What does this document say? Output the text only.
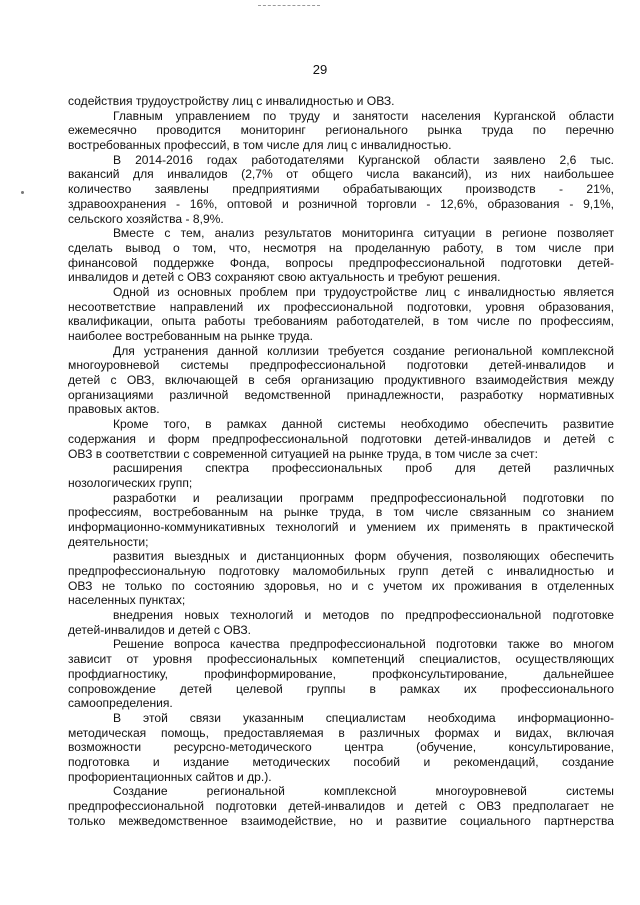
29
содействия трудоустройству лиц с инвалидностью и ОВЗ.
Главным управлением по труду и занятости населения Курганской области
ежемесячно проводится мониторинг регионального рынка труда по перечню
востребованных профессий, в том числе для лиц с инвалидностью.
В 2014-2016 годах работодателями Курганской области заявлено 2,6 тыс.
вакансий для инвалидов (2,7% от общего числа вакансий), из них наибольшее
количество заявлены предприятиями обрабатывающих производств - 21%,
здравоохранения - 16%, оптовой и розничной торговли - 12,6%, образования - 9,1%,
сельского хозяйства - 8,9%.
Вместе с тем, анализ результатов мониторинга ситуации в регионе позволяет
сделать вывод о том, что, несмотря на проделанную работу, в том числе при
финансовой поддержке Фонда, вопросы предпрофессиональной подготовки детей-
инвалидов и детей с ОВЗ сохраняют свою актуальность и требуют решения.
Одной из основных проблем при трудоустройстве лиц с инвалидностью является
несоответствие направлений их профессиональной подготовки, уровня образования,
квалификации, опыта работы требованиям работодателей, в том числе по профессиям,
наиболее востребованным на рынке труда.
Для устранения данной коллизии требуется создание региональной комплексной
многоуровневой системы предпрофессиональной подготовки детей-инвалидов и
детей с ОВЗ, включающей в себя организацию продуктивного взаимодействия между
организациями различной ведомственной принадлежности, разработку нормативных
правовых актов.
Кроме того, в рамках данной системы необходимо обеспечить развитие
содержания и форм предпрофессиональной подготовки детей-инвалидов и детей с
ОВЗ в соответствии с современной ситуацией на рынке труда, в том числе за счет:
расширения спектра профессиональных проб для детей различных
нозологических групп;
разработки и реализации программ предпрофессиональной подготовки по
профессиям, востребованным на рынке труда, в том числе связанным со знанием
информационно-коммуникативных технологий и умением их применять в практической
деятельности;
развития выездных и дистанционных форм обучения, позволяющих обеспечить
предпрофессиональную подготовку маломобильных групп детей с инвалидностью и
ОВЗ не только по состоянию здоровья, но и с учетом их проживания в отделенных
населенных пунктах;
внедрения новых технологий и методов по предпрофессиональной подготовке
детей-инвалидов и детей с ОВЗ.
Решение вопроса качества предпрофессиональной подготовки также во многом
зависит от уровня профессиональных компетенций специалистов, осуществляющих
профдиагностику, профинформирование, профконсультирование, дальнейшее
сопровождение детей целевой группы в рамках их профессионального
самоопределения.
В этой связи указанным специалистам необходима информационно-
методическая помощь, предоставляемая в различных формах и видах, включая
возможности ресурсно-методического центра (обучение, консультирование,
подготовка и издание методических пособий и рекомендаций, создание
профориентационных сайтов и др.).
Создание региональной комплексной многоуровневой системы
предпрофессиональной подготовки детей-инвалидов и детей с ОВЗ предполагает не
только межведомственное взаимодействие, но и развитие социального партнерства
